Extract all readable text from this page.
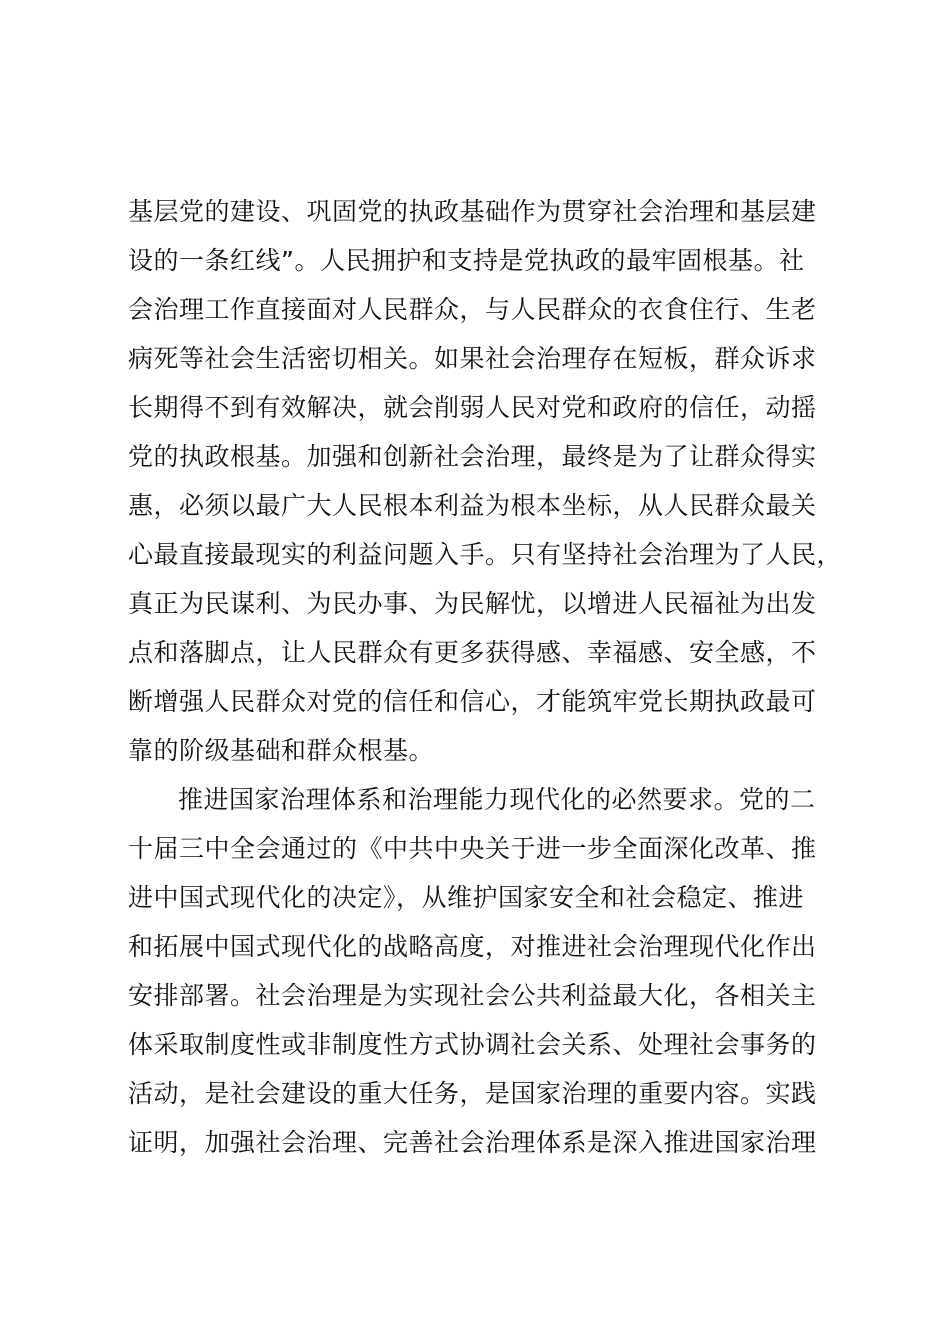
基层党的建设、巩固党的执政基础作为贯穿社会治理和基层建
设的一条红线”。人民拥护和支持是党执政的最牢固根基。社
会治理工作直接面对人民群众，与人民群众的衣食住行、生老
病死等社会生活密切相关。如果社会治理存在短板，群众诉求
长期得不到有效解决，就会削弱人民对党和政府的信任，动摇
党的执政根基。加强和创新社会治理，最终是为了让群众得实
惠，必须以最广大人民根本利益为根本坐标，从人民群众最关
心最直接最现实的利益问题入手。只有坚持社会治理为了人民，
真正为民谋利、为民办事、为民解忧，以增进人民福祉为出发
点和落脚点，让人民群众有更多获得感、幸福感、安全感，不
断增强人民群众对党的信任和信心，才能筑牢党长期执政最可
靠的阶级基础和群众根基。
推进国家治理体系和治理能力现代化的必然要求。党的二
十届三中全会通过的《中共中央关于进一步全面深化改革、推
进中国式现代化的决定》，从维护国家安全和社会稳定、推进
和拓展中国式现代化的战略高度，对推进社会治理现代化作出
安排部署。社会治理是为实现社会公共利益最大化，各相关主
体采取制度性或非制度性方式协调社会关系、处理社会事务的
活动，是社会建设的重大任务，是国家治理的重要内容。实践
证明，加强社会治理、完善社会治理体系是深入推进国家治理
